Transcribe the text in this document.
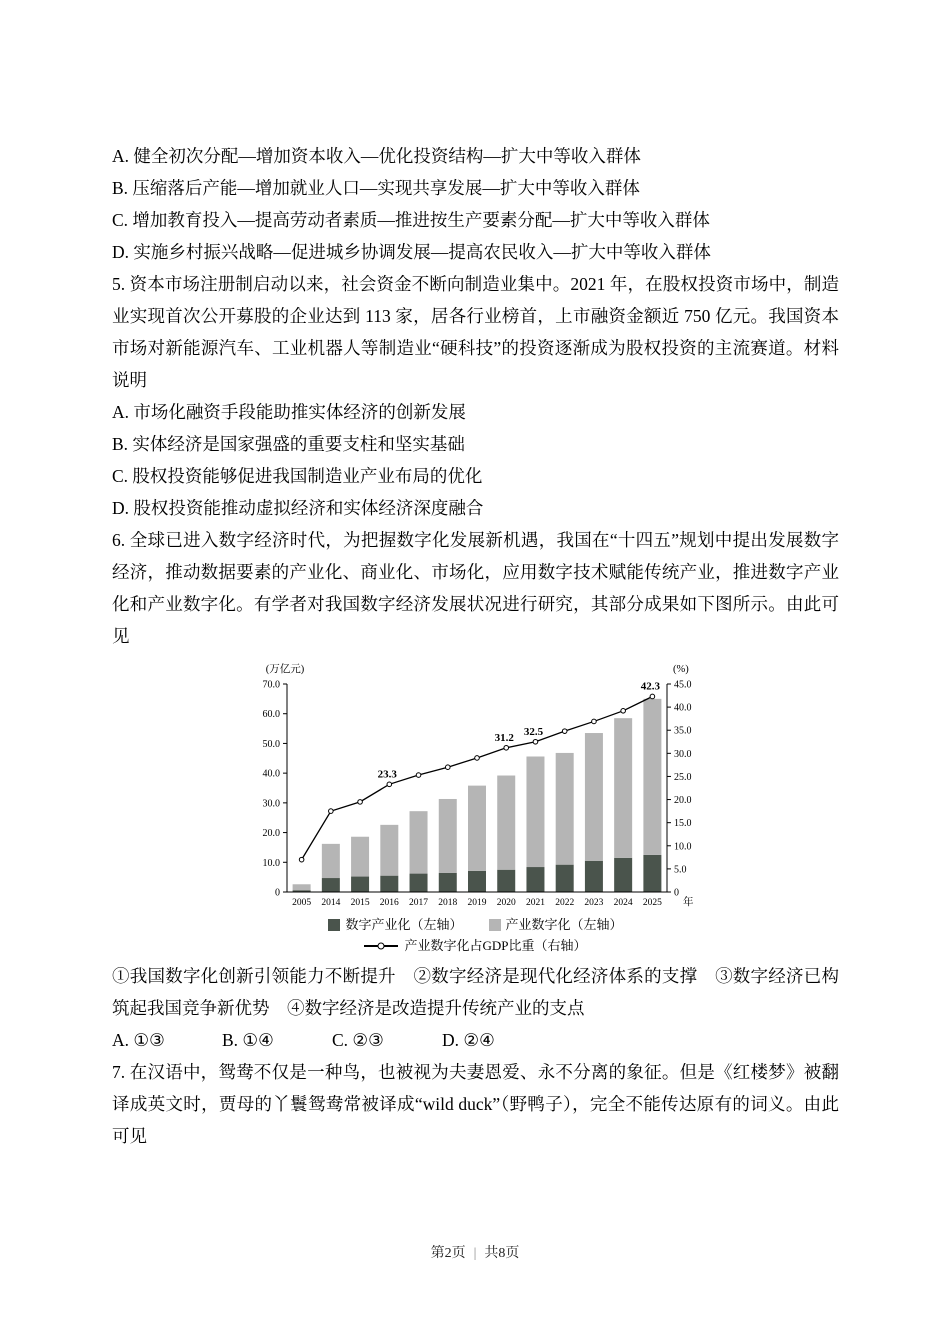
A. 健全初次分配—增加资本收入—优化投资结构—扩大中等收入群体

B. 压缩落后产能—增加就业人口—实现共享发展—扩大中等收入群体

C. 增加教育投入—提高劳动者素质—推进按生产要素分配—扩大中等收入群体

D. 实施乡村振兴战略—促进城乡协调发展—提高农民收入—扩大中等收入群体

5. 资本市场注册制启动以来，社会资金不断向制造业集中。2021 年，在股权投资市场中，制造业实现首次公开募股的企业达到 113 家，居各行业榜首，上市融资金额近 750 亿元。我国资本市场对新能源汽车、工业机器人等制造业“硬科技”的投资逐渐成为股权投资的主流赛道。材料说明

A. 市场化融资手段能助推实体经济的创新发展

B. 实体经济是国家强盛的重要支柱和坚实基础

C. 股权投资能够促进我国制造业产业布局的优化

D. 股权投资能推动虚拟经济和实体经济深度融合

6. 全球已进入数字经济时代，为把握数字化发展新机遇，我国在“十四五”规划中提出发展数字经济，推动数据要素的产业化、商业化、市场化，应用数字技术赋能传统产业，推进数字产业化和产业数字化。有学者对我国数字经济发展状况进行研究，其部分成果如下图所示。由此可见

23.3
31.2
32.5
42.3
0
10.0
20.0
30.0
40.0
50.0
60.0
70.0
0
5.0
10.0
15.0
20.0
25.0
30.0
35.0
40.0
45.0
2005 2014 2015 2016 2017 2018 2019 2020 2021 2022 2023 2024 2025 年
(万亿元)	(%)
数字产业化（左轴）	产业数字化（左轴）
产业数字化占GDP比重（右轴）

①我国数字化创新引领能力不断提升　②数字经济是现代化经济体系的支撑　③数字经济已构筑起我国竞争新优势　④数字经济是改造提升传统产业的支点

A. ①③	B. ①④	C. ②③	D. ②④

7. 在汉语中，鸳鸯不仅是一种鸟，也被视为夫妻恩爱、永不分离的象征。但是《红楼梦》被翻译成英文时，贾母的丫鬟鸳鸯常被译成“wild duck”（野鸭子），完全不能传达原有的词义。由此可见

第2页 | 共8页
